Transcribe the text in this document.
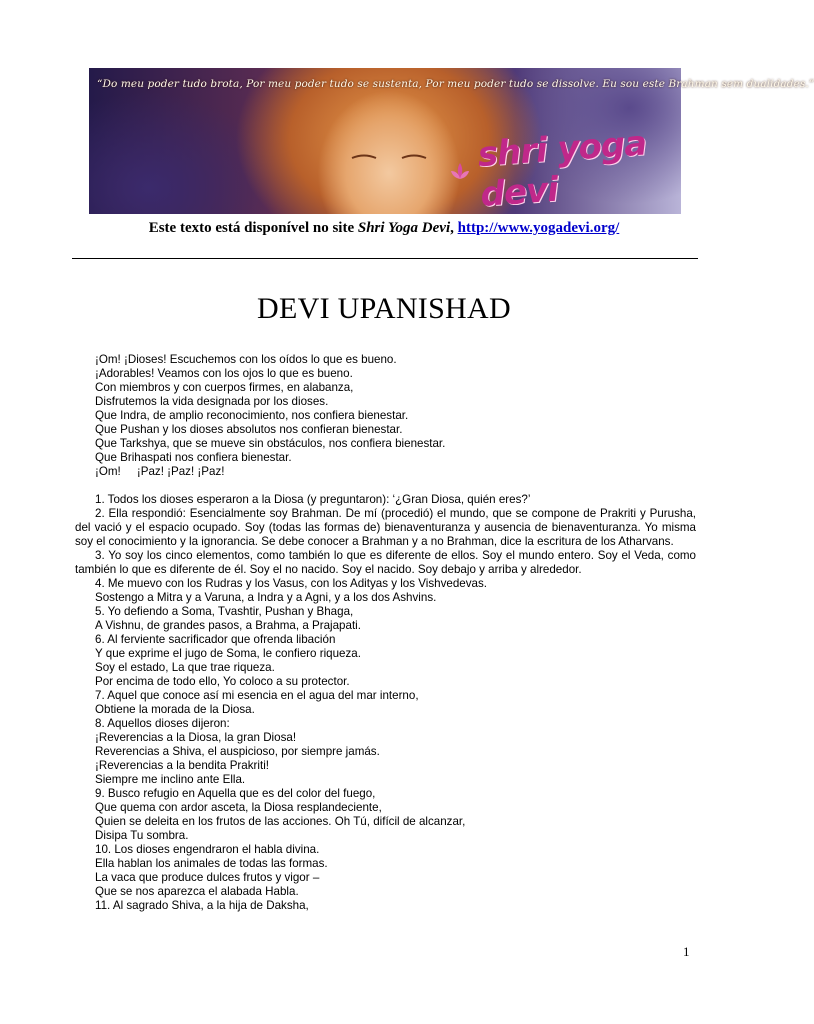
“Do meu poder tudo brota, Por meu poder tudo se sustenta, Por meu poder tudo se dissolve. Eu sou este Brahman sem dualidades.”
shri yoga devi
Este texto está disponível no site Shri Yoga Devi, http://www.yogadevi.org/
DEVI UPANISHAD
¡Om! ¡Dioses! Escuchemos con los oídos lo que es bueno.
¡Adorables! Veamos con los ojos lo que es bueno.
Con miembros y con cuerpos firmes, en alabanza,
Disfrutemos la vida designada por los dioses.
Que Indra, de amplio reconocimiento, nos confiera bienestar.
Que Pushan y los dioses absolutos nos confieran bienestar.
Que Tarkshya, que se mueve sin obstáculos, nos confiera bienestar.
Que Brihaspati nos confiera bienestar.
¡Om!     ¡Paz! ¡Paz! ¡Paz!
1. Todos los dioses esperaron a la Diosa (y preguntaron): ‘¿Gran Diosa, quién eres?’
2. Ella respondió: Esencialmente soy Brahman. De mí (procedió) el mundo, que se compone de Prakriti y Purusha, del vació y el espacio ocupado. Soy (todas las formas de) bienaventuranza y ausencia de bienaventuranza. Yo misma soy el conocimiento y la ignorancia. Se debe conocer a Brahman y a no Brahman, dice la escritura de los Atharvans.
3. Yo soy los cinco elementos, como también lo que es diferente de ellos. Soy el mundo entero. Soy el Veda, como también lo que es diferente de él. Soy el no nacido. Soy el nacido. Soy debajo y arriba y alrededor.
4. Me muevo con los Rudras y los Vasus, con los Adityas y los Vishvedevas.
Sostengo a Mitra y a Varuna, a Indra y a Agni, y a los dos Ashvins.
5. Yo defiendo a Soma, Tvashtir, Pushan y Bhaga,
A Vishnu, de grandes pasos, a Brahma, a Prajapati.
6. Al ferviente sacrificador que ofrenda libación
Y que exprime el jugo de Soma, le confiero riqueza.
Soy el estado, La que trae riqueza.
Por encima de todo ello, Yo coloco a su protector.
7. Aquel que conoce así mi esencia en el agua del mar interno,
Obtiene la morada de la Diosa.
8. Aquellos dioses dijeron:
¡Reverencias a la Diosa, la gran Diosa!
Reverencias a Shiva, el auspicioso, por siempre jamás.
¡Reverencias a la bendita Prakriti!
Siempre me inclino ante Ella.
9. Busco refugio en Aquella que es del color del fuego,
Que quema con ardor asceta, la Diosa resplandeciente,
Quien se deleita en los frutos de las acciones. Oh Tú, difícil de alcanzar,
Disipa Tu sombra.
10. Los dioses engendraron el habla divina.
Ella hablan los animales de todas las formas.
La vaca que produce dulces frutos y vigor –
Que se nos aparezca el alabada Habla.
11. Al sagrado Shiva, a la hija de Daksha,
1
